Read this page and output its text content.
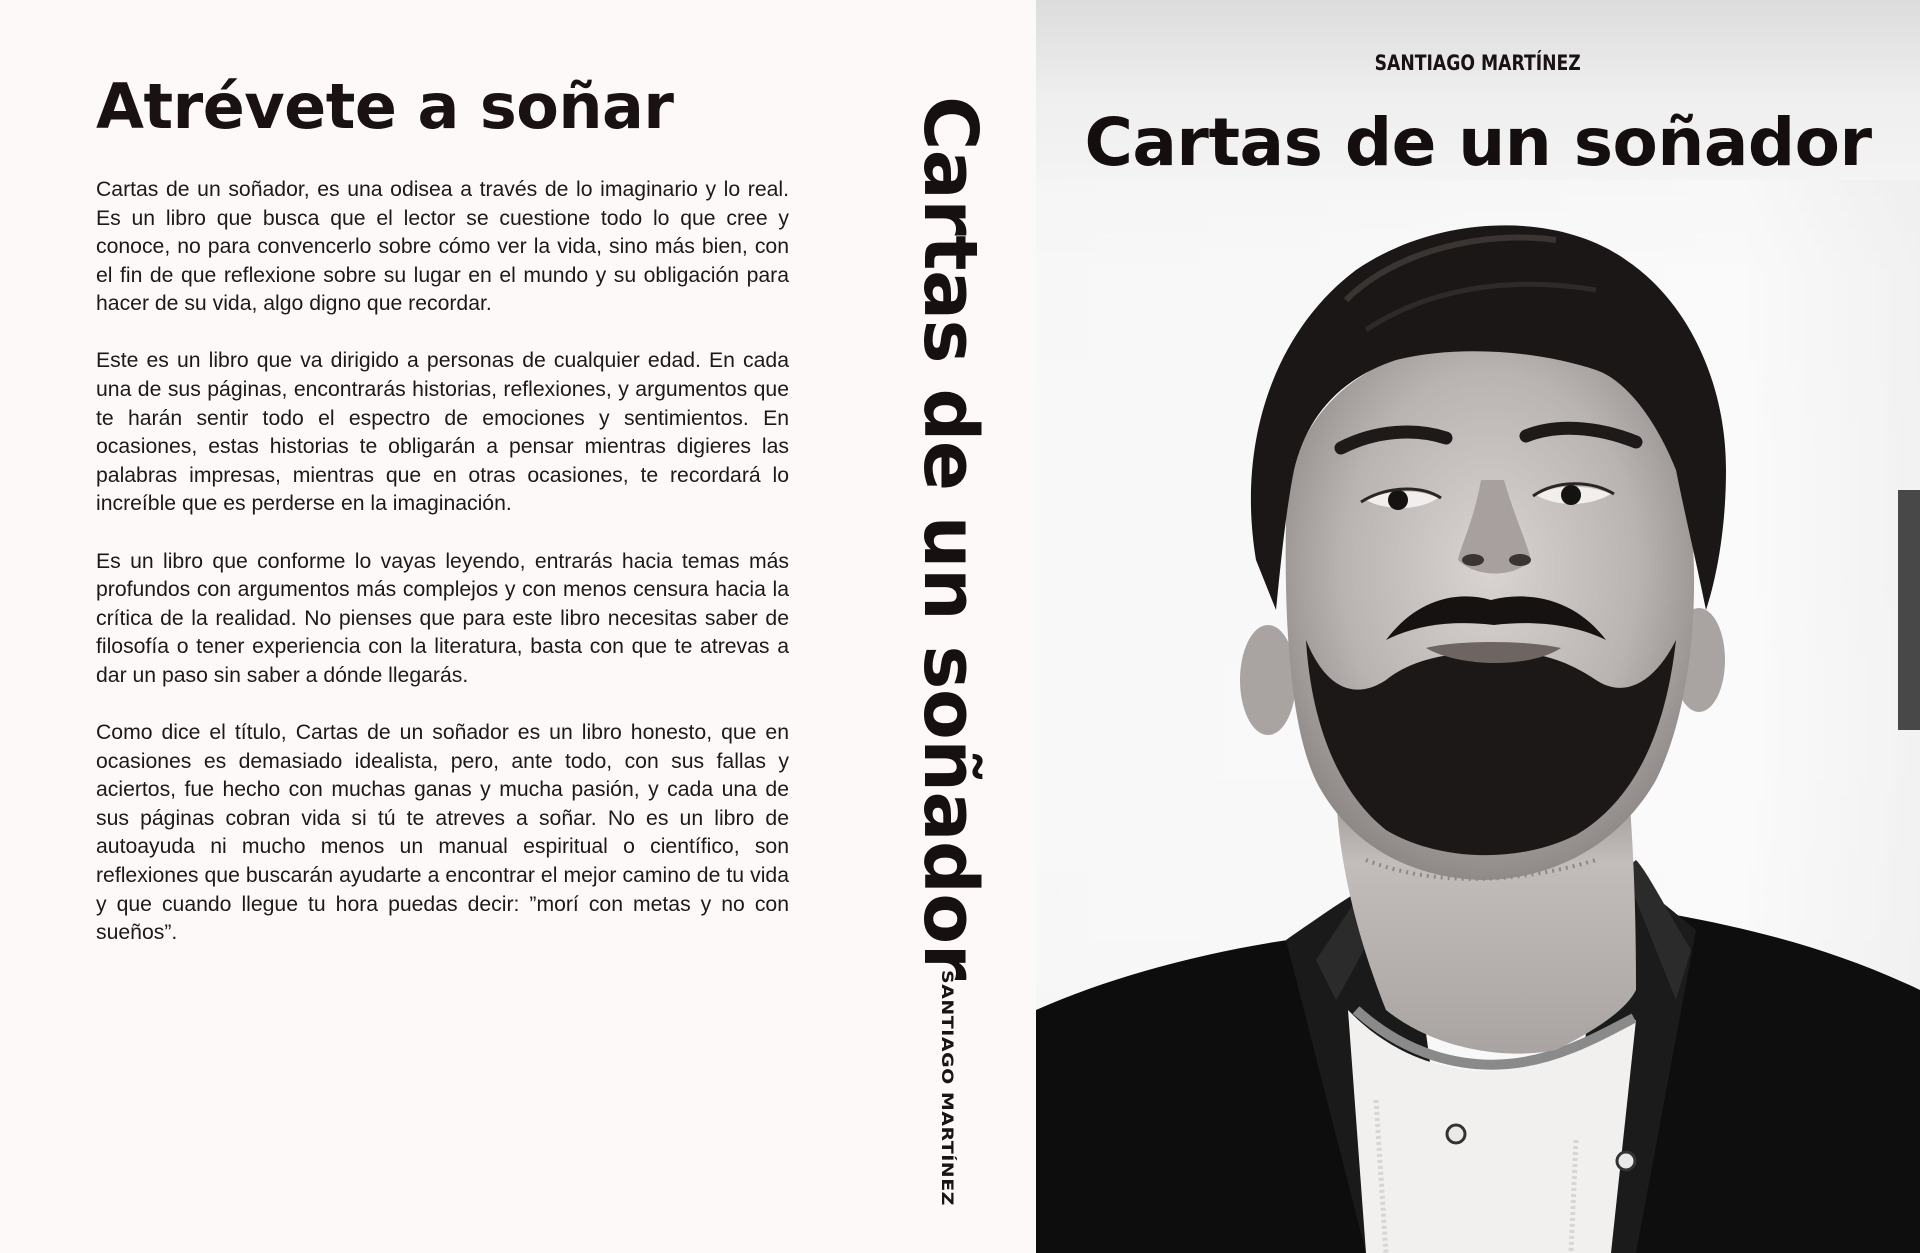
Atrévete a soñar

Cartas de un soñador, es una odisea a través de lo imaginario y lo real. Es un libro que busca que el lector se cuestione todo lo que cree y conoce, no para convencerlo sobre cómo ver la vida, sino más bien, con el fin de que reflexione sobre su lugar en el mundo y su obligación para hacer de su vida, algo digno que recordar.

Este es un libro que va dirigido a personas de cualquier edad. En cada una de sus páginas, encontrarás historias, reflexiones, y argumentos que te harán sentir todo el espectro de emociones y sentimientos. En ocasiones, estas historias te obligarán a pensar mientras digieres las palabras impresas, mientras que en otras ocasiones, te recordará lo increíble que es perderse en la imaginación.

Es un libro que conforme lo vayas leyendo, entrarás hacia temas más profundos con argumentos más complejos y con menos censura hacia la crítica de la realidad. No pienses que para este libro necesitas saber de filosofía o tener experiencia con la literatura, basta con que te atrevas a dar un paso sin saber a dónde llegarás.

Como dice el título, Cartas de un soñador es un libro honesto, que en ocasiones es demasiado idealista, pero, ante todo, con sus fallas y aciertos, fue hecho con muchas ganas y mucha pasión, y cada una de sus páginas cobran vida si tú te atreves a soñar. No es un libro de autoayuda ni mucho menos un manual espiritual o científico, son reflexiones que buscarán ayudarte a encontrar el mejor camino de tu vida y que cuando llegue tu hora puedas decir: ”morí con metas y no con sueños”.	Cartas de un soñador
SANTIAGO MARTÍNEZ
SANTIAGO MARTÍNEZ
Cartas de un soñador
